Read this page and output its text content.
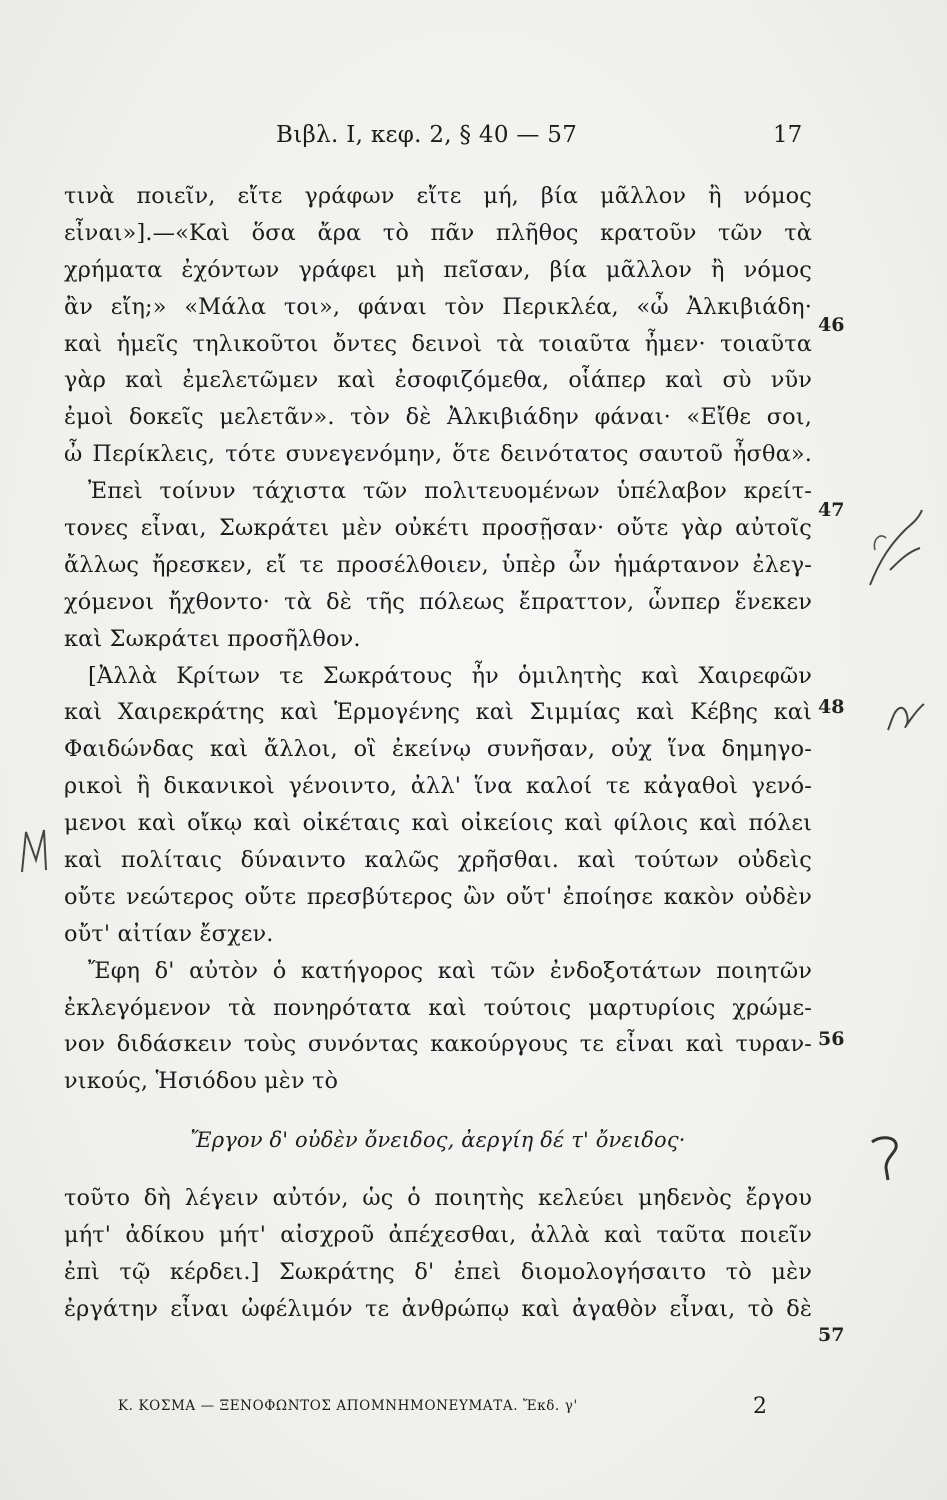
Βιβλ. Ι, κεφ. 2, § 40 — 57	17
τινὰ ποιεῖν, εἴτε γράφων εἴτε μή, βία μᾶλλον ἢ νόμος
εἶναι»].—«Καὶ ὅσα ἄρα τὸ πᾶν πλῆθος κρατοῦν τῶν τὰ
χρήματα ἐχόντων γράφει μὴ πεῖσαν, βία μᾶλλον ἢ νόμος
ἂν εἴη;» «Μάλα τοι», φάναι τὸν Περικλέα, «ὦ Ἀλκιβιάδη·
καὶ ἡμεῖς τηλικοῦτοι ὄντες δεινοὶ τὰ τοιαῦτα ἦμεν· τοιαῦτα
γὰρ καὶ ἐμελετῶμεν καὶ ἐσοφιζόμεθα, οἷάπερ καὶ σὺ νῦν
ἐμοὶ δοκεῖς μελετᾶν». τὸν δὲ Ἀλκιβιάδην φάναι· «Εἴθε σοι,
ὦ Περίκλεις, τότε συνεγενόμην, ὅτε δεινότατος σαυτοῦ ἦσθα».
Ἐπεὶ τοίνυν τάχιστα τῶν πολιτευομένων ὑπέλαβον κρείτ-
τονες εἶναι, Σωκράτει μὲν οὐκέτι προσῇσαν· οὔτε γὰρ αὐτοῖς
ἄλλως ἤρεσκεν, εἴ τε προσέλθοιεν, ὑπὲρ ὧν ἡμάρτανον ἐλεγ-
χόμενοι ἤχθοντο· τὰ δὲ τῆς πόλεως ἔπραττον, ὧνπερ ἕνεκεν
καὶ Σωκράτει προσῆλθον.
[Ἀλλὰ Κρίτων τε Σωκράτους ἦν ὁμιλητὴς καὶ Χαιρεφῶν
καὶ Χαιρεκράτης καὶ Ἑρμογένης καὶ Σιμμίας καὶ Κέβης καὶ
Φαιδώνδας καὶ ἄλλοι, οἳ ἐκείνῳ συνῆσαν, οὐχ ἵνα δημηγο-
ρικοὶ ἢ δικανικοὶ γένοιντο, ἀλλ' ἵνα καλοί τε κἀγαθοὶ γενό-
μενοι καὶ οἴκῳ καὶ οἰκέταις καὶ οἰκείοις καὶ φίλοις καὶ πόλει
καὶ πολίταις δύναιντο καλῶς χρῆσθαι. καὶ τούτων οὐδεὶς
οὔτε νεώτερος οὔτε πρεσβύτερος ὢν οὔτ' ἐποίησε κακὸν οὐδὲν
οὔτ' αἰτίαν ἔσχεν.
Ἔφη δ' αὐτὸν ὁ κατήγορος καὶ τῶν ἐνδοξοτάτων ποιητῶν
ἐκλεγόμενον τὰ πονηρότατα καὶ τούτοις μαρτυρίοις χρώμε-
νον διδάσκειν τοὺς συνόντας κακούργους τε εἶναι καὶ τυραν-
νικούς, Ἡσιόδου μὲν τὸ
Ἔργον δ' οὐδὲν ὄνειδος, ἀεργίη δέ τ' ὄνειδος·
τοῦτο δὴ λέγειν αὐτόν, ὡς ὁ ποιητὴς κελεύει μηδενὸς ἔργου
μήτ' ἀδίκου μήτ' αἰσχροῦ ἀπέχεσθαι, ἀλλὰ καὶ ταῦτα ποιεῖν
ἐπὶ τῷ κέρδει.] Σωκράτης δ' ἐπεὶ διομολογήσαιτο τὸ μὲν
ἐργάτην εἶναι ὠφέλιμόν τε ἀνθρώπῳ καὶ ἀγαθὸν εἶναι, τὸ δὲ
46
47
48
56
57
Κ. ΚΟΣΜΑ — ΞΕΝΟΦΩΝΤΟΣ ΑΠΟΜΝΗΜΟΝΕΥΜΑΤΑ. Ἔκδ. γ'	2
